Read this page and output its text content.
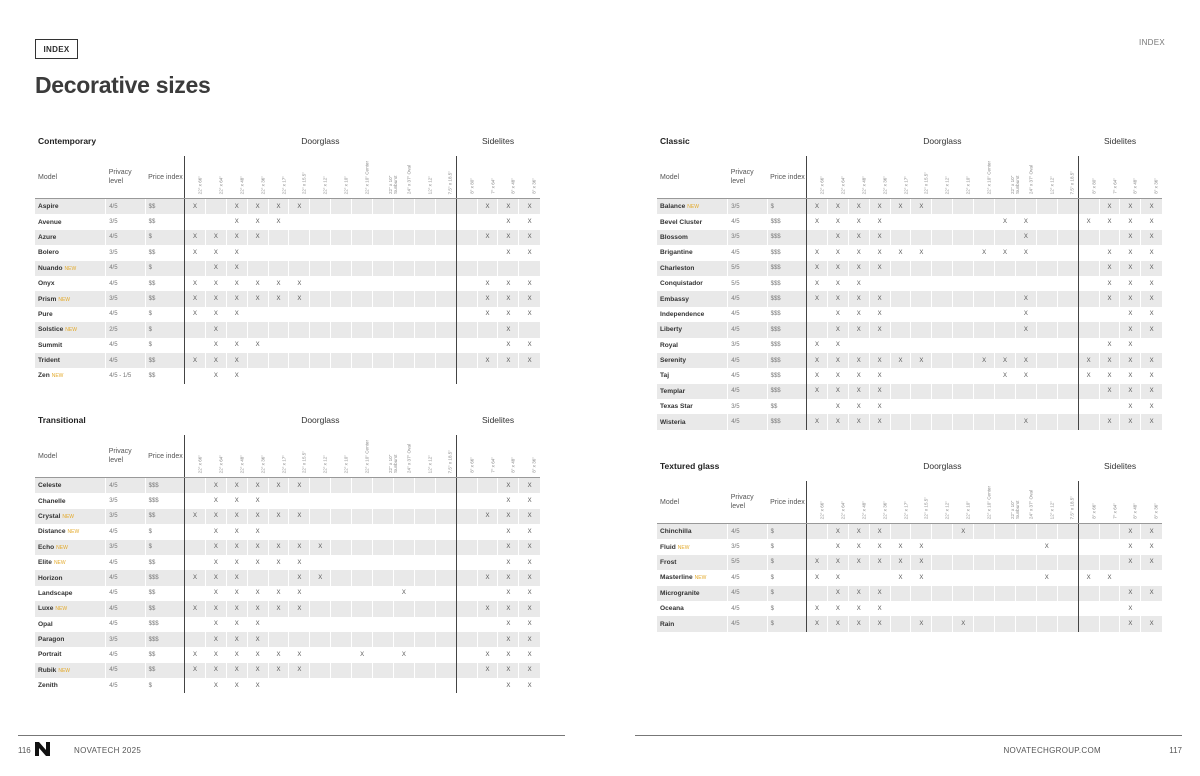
INDEX
INDEX
Decorative sizes
Contemporary			Doorglass													Sidelites			
Model	Privacy level	Price index	22" x 66"	22" x 64"	22" x 48"	22" x 36"	22" x 17"	22" x 15.5"	22" x 12"	22" x 10"	22" x 10" Center	22" x 10" Sunburst	24" x 37" Oval	12" x 12"	7.5" x 18.5"	8" x 80"	7" x 64"	8" x 48"	8" x 36"

Aspire	4/5	$$	X		X	X	X	X									X	X	X
Avenue	3/5	$$			X	X	X											X	X
Azure	4/5	$	X	X	X	X											X	X	X
Bolero	3/5	$$	X	X	X													X	X
Nuando NEW	4/5	$		X	X														
Onyx	4/5	$$	X	X	X	X	X	X									X	X	X
Prism NEW	3/5	$$	X	X	X	X	X	X									X	X	X
Pure	4/5	$	X	X	X												X	X	X
Solstice NEW	2/5	$		X														X	
Summit	4/5	$		X	X	X												X	X
Trident	4/5	$$	X	X	X												X	X	X
Zen NEW	4/5 - 1/5	$$		X	X														
Transitional			Doorglass													Sidelites			
Model	Privacy level	Price index	22" x 66"	22" x 64"	22" x 48"	22" x 36"	22" x 17"	22" x 15.5"	22" x 12"	22" x 10"	22" x 10" Center	22" x 10" Sunburst	24" x 37" Oval	12" x 12"	7.5" x 18.5"	8" x 66"	7" x 64"	8" x 48"	8" x 36"

Celeste	4/5	$$$		X	X	X	X	X										X	X
Chanelle	3/5	$$$		X	X	X												X	X
Crystal NEW	3/5	$$	X	X	X	X	X	X									X	X	X
Distance NEW	4/5	$		X	X	X												X	X
Echo NEW	3/5	$		X	X	X	X	X	X									X	X
Elite NEW	4/5	$$		X	X	X	X	X										X	X
Horizon	4/5	$$$	X	X	X			X	X								X	X	X
Landscape	4/5	$$		X	X	X	X	X					X					X	X
Luxe NEW	4/5	$$	X	X	X	X	X	X									X	X	X
Opal	4/5	$$$		X	X	X												X	X
Paragon	3/5	$$$		X	X	X												X	X
Portrait	4/5	$$	X	X	X	X	X	X			X		X				X	X	X
Rubik NEW	4/5	$$	X	X	X	X	X	X									X	X	X
Zenith	4/5	$		X	X	X												X	X
Classic			Doorglass													Sidelites			
Model	Privacy level	Price index	22" x 66"	22" x 64"	22" x 48"	22" x 36"	22" x 17"	22" x 15.5"	22" x 12"	22" x 10"	22" x 10" Center	22" x 10" Sunburst	24" x 37" Oval	12" x 12"	7.5" x 18.5"	8" x 80"	7" x 64"	8" x 48"	8" x 36"

Balance NEW	3/5	$	X	X	X	X	X	X									X	X	X
Bevel Cluster	4/5	$$$	X	X	X	X						X	X			X	X	X	X
Blossom	3/5	$$$		X	X	X							X					X	X
Brigantine	4/5	$$$	X	X	X	X	X	X			X	X	X				X	X	X
Charleston	5/5	$$$	X	X	X	X											X	X	X
Conquistador	5/5	$$$	X	X	X												X	X	X
Embassy	4/5	$$$	X	X	X	X							X				X	X	X
Independence	4/5	$$$		X	X	X							X					X	X
Liberty	4/5	$$$		X	X	X							X					X	X
Royal	3/5	$$$	X	X													X	X	
Serenity	4/5	$$$	X	X	X	X	X	X			X	X	X			X	X	X	X
Taj	4/5	$$$	X	X	X	X						X	X			X	X	X	X
Templar	4/5	$$$	X	X	X	X											X	X	X
Texas Star	3/5	$$		X	X	X												X	X
Wisteria	4/5	$$$	X	X	X	X							X				X	X	X
Textured glass			Doorglass													Sidelites			
Model	Privacy level	Price index	22" x 66"	22" x 64"	22" x 48"	22" x 36"	22" x 17"	22" x 15.5"	22" x 12"	22" x 10"	22" x 10" Center	22" x 10" Sunburst	24" x 37" Oval	12" x 12"	7.5" x 18.5"	8" x 66"	7" x 64"	8" x 48"	8" x 36"

Chinchilla	4/5	$		X	X	X				X								X	X
Fluid NEW	3/5	$		X	X	X	X	X						X				X	X
Frost	5/5	$	X	X	X	X	X	X										X	X
Masterline NEW	4/5	$	X	X			X	X						X		X	X		
Microgranite	4/5	$		X	X	X												X	X
Oceana	4/5	$	X	X	X	X												X	
Rain	4/5	$	X	X	X	X		X		X								X	X
116	NOVATECH 2025	NOVATECHGROUP.COM	117
